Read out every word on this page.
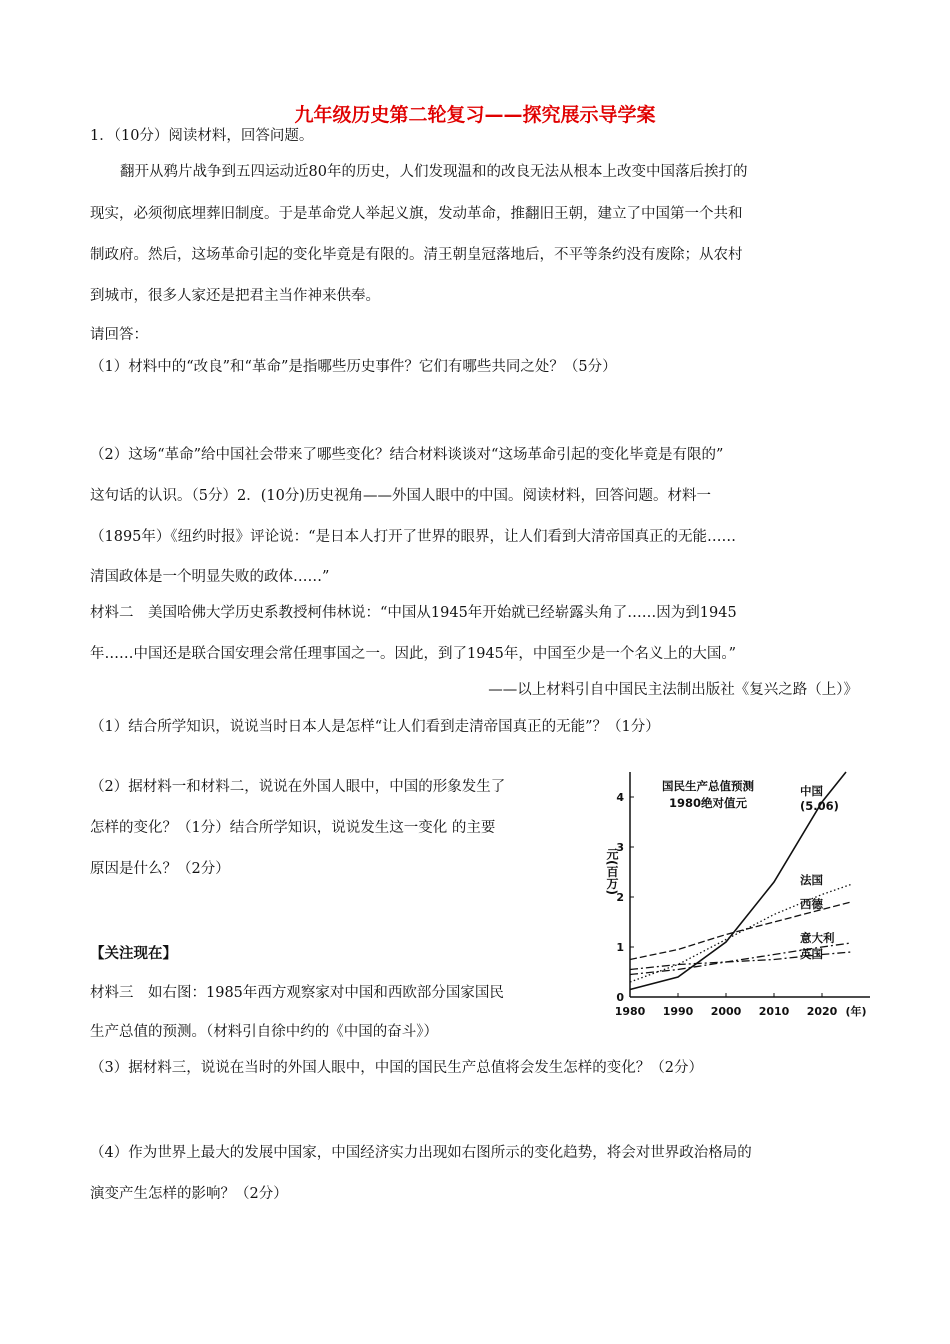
九年级历史第二轮复习——探究展示导学案
1．（10分）阅读材料，回答问题。
翻开从鸦片战争到五四运动近80年的历史，人们发现温和的改良无法从根本上改变中国落后挨打的
现实，必须彻底埋葬旧制度。于是革命党人举起义旗，发动革命，推翻旧王朝，建立了中国第一个共和
制政府。然后，这场革命引起的变化毕竟是有限的。清王朝皇冠落地后，不平等条约没有废除；从农村
到城市，很多人家还是把君主当作神来供奉。
请回答：
（1）材料中的“改良”和“革命”是指哪些历史事件？它们有哪些共同之处？（5分）
（2）这场“革命”给中国社会带来了哪些变化？结合材料谈谈对“这场革命引起的变化毕竟是有限的”
这句话的认识。（5分）2．(10分)历史视角——外国人眼中的中国。阅读材料，回答问题。材料一
（1895年）《纽约时报》评论说：“是日本人打开了世界的眼界，让人们看到大清帝国真正的无能……
清国政体是一个明显失败的政体……”
材料二　美国哈佛大学历史系教授柯伟林说：“中国从1945年开始就已经崭露头角了……因为到1945
年……中国还是联合国安理会常任理事国之一。因此，到了1945年，中国至少是一个名义上的大国。”
——以上材料引自中国民主法制出版社《复兴之路（上）》
（1）结合所学知识，说说当时日本人是怎样“让人们看到走清帝国真正的无能”？（1分）
（2）据材料一和材料二，说说在外国人眼中，中国的形象发生了
怎样的变化？（1分）结合所学知识，说说发生这一变化 的主要
原因是什么？（2分）
【关注现在】
材料三　如右图：1985年西方观察家对中国和西欧部分国家国民
生产总值的预测。（材料引自徐中约的《中国的奋斗》）
（3）据材料三，说说在当时的外国人眼中，中国的国民生产总值将会发生怎样的变化？（2分）
（4）作为世界上最大的发展中国家，中国经济实力出现如右图所示的变化趋势，将会对世界政治格局的
演变产生怎样的影响？（2分）
0
1
2
3
4
1980 1990 2000 2010 2020 (年)
元(百万)
国民生产总值预测
1980绝对值元
中国
(5.06)
法国
西德
意大利
英国
